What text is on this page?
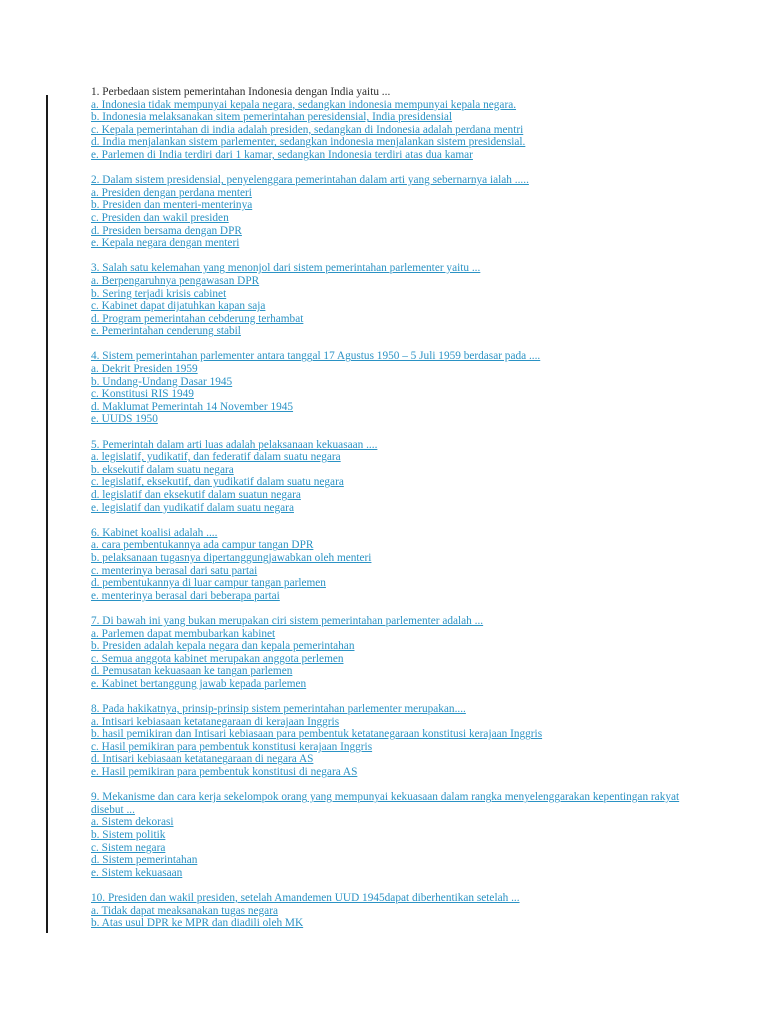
1. Perbedaan sistem pemerintahan Indonesia dengan India yaitu ...
a. Indonesia tidak mempunyai kepala negara, sedangkan indonesia mempunyai kepala negara.
b. Indonesia melaksanakan sitem pemerintahan peresidensial, India presidensial
c. Kepala pemerintahan di india adalah presiden, sedangkan di Indonesia adalah perdana mentri
d. India menjalankan sistem parlementer, sedangkan indonesia menjalankan sistem presidensial.
e. Parlemen di India terdiri dari 1 kamar, sedangkan Indonesia terdiri atas dua kamar
2. Dalam sistem presidensial, penyelenggara pemerintahan dalam arti yang sebernarnya ialah .....
a. Presiden dengan perdana menteri
b. Presiden dan menteri-menterinya
c. Presiden dan wakil presiden
d. Presiden bersama dengan DPR
e. Kepala negara dengan menteri
3. Salah satu kelemahan yang menonjol dari sistem pemerintahan parlementer yaitu ...
a. Berpengaruhnya pengawasan DPR
b. Sering terjadi krisis cabinet
c. Kabinet dapat dijatuhkan kapan saja
d. Program pemerintahan cebderung terhambat
e. Pemerintahan cenderung stabil
4. Sistem pemerintahan parlementer antara tanggal 17 Agustus 1950 – 5 Juli 1959 berdasar pada ....
a. Dekrit Presiden 1959
b. Undang-Undang Dasar 1945
c. Konstitusi RIS 1949
d. Maklumat Pemerintah 14 November 1945
e. UUDS 1950
5. Pemerintah dalam arti luas adalah pelaksanaan kekuasaan ....
a. legislatif, yudikatif, dan federatif dalam suatu negara
b. eksekutif dalam suatu negara
c. legislatif, eksekutif, dan yudikatif dalam suatu negara
d. legislatif dan eksekutif dalam suatun negara
e. legislatif dan yudikatif dalam suatu negara
6. Kabinet koalisi adalah ....
a. cara pembentukannya ada campur tangan DPR
b. pelaksanaan tugasnya dipertanggungjawabkan oleh menteri
c. menterinya berasal dari satu partai
d. pembentukannya di luar campur tangan parlemen
e. menterinya berasal dari beberapa partai
7. Di bawah ini yang bukan merupakan ciri sistem pemerintahan parlementer adalah ...
a. Parlemen dapat membubarkan kabinet
b. Presiden adalah kepala negara dan kepala pemerintahan
c. Semua anggota kabinet merupakan anggota perlemen
d. Pemusatan kekuasaan ke tangan parlemen
e. Kabinet bertanggung jawab kepada parlemen
8. Pada hakikatnya, prinsip-prinsip sistem pemerintahan parlementer merupakan....
a. Intisari kebiasaan ketatanegaraan di kerajaan Inggris
b. hasil pemikiran dan Intisari kebiasaan para pembentuk ketatanegaraan konstitusi kerajaan Inggris
c. Hasil pemikiran para pembentuk konstitusi kerajaan Inggris
d. Intisari kebiasaan ketatanegaraan di negara AS
e. Hasil pemikiran para pembentuk konstitusi di negara AS
9. Mekanisme dan cara kerja sekelompok orang yang mempunyai kekuasaan dalam rangka menyelenggarakan kepentingan rakyat disebut ...
a. Sistem dekorasi
b. Sistem politik
c. Sistem negara
d. Sistem pemerintahan
e. Sistem kekuasaan
10. Presiden dan wakil presiden, setelah Amandemen UUD 1945dapat diberhentikan setelah ...
a. Tidak dapat meaksanakan tugas negara
b. Atas usul DPR ke MPR dan diadili oleh MK
